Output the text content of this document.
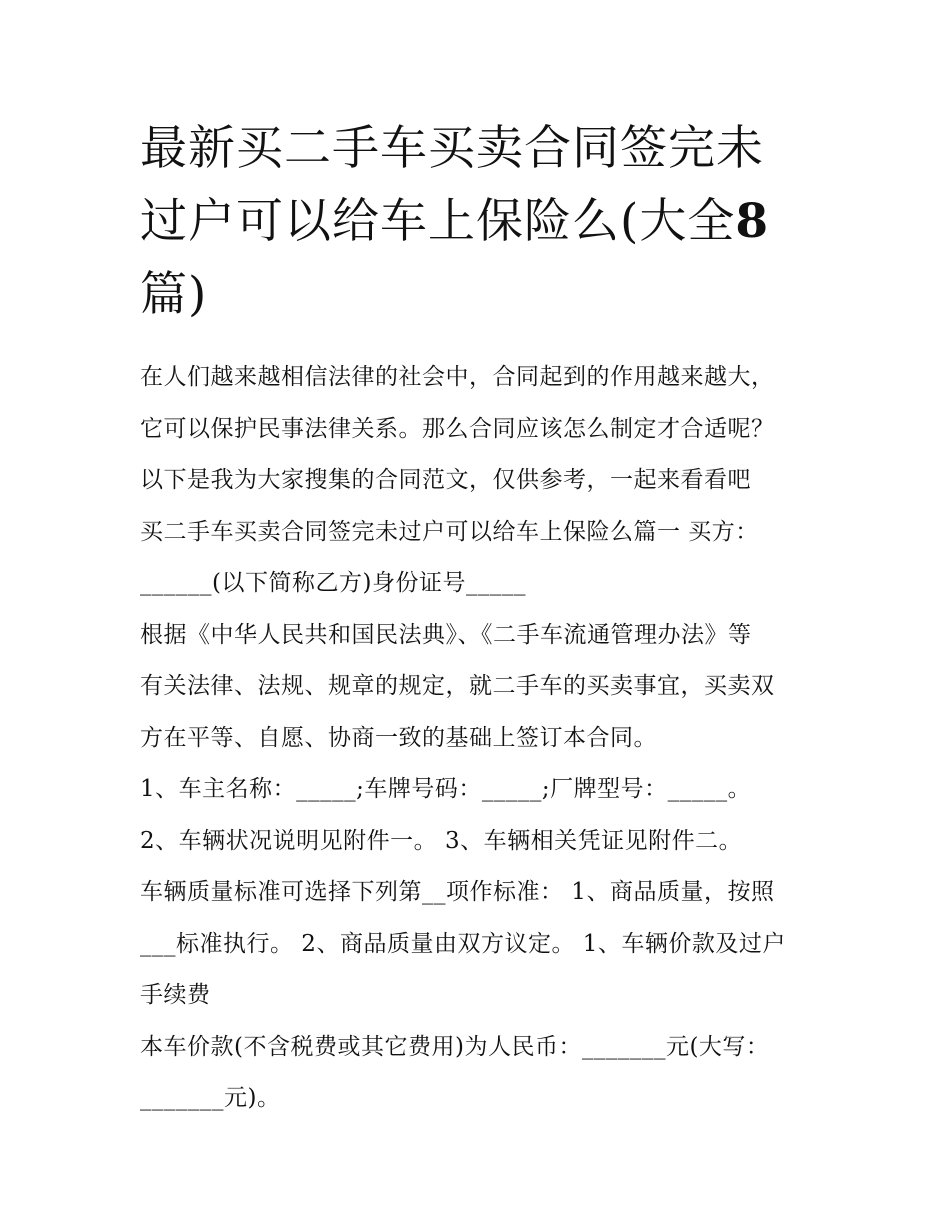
最新买二手车买卖合同签完未
过户可以给车上保险么(大全8
篇)
在人们越来越相信法律的社会中，合同起到的作用越来越大，
它可以保护民事法律关系。那么合同应该怎么制定才合适呢？
以下是我为大家搜集的合同范文，仅供参考，一起来看看吧
买二手车买卖合同签完未过户可以给车上保险么篇一 买方：
______(以下简称乙方)身份证号_____
根据《中华人民共和国民法典》、《二手车流通管理办法》等
有关法律、法规、规章的规定，就二手车的买卖事宜，买卖双
方在平等、自愿、协商一致的基础上签订本合同。
1、车主名称：_____;车牌号码：_____;厂牌型号：_____。
2、车辆状况说明见附件一。 3、车辆相关凭证见附件二。
车辆质量标准可选择下列第__项作标准： 1、商品质量，按照
___标准执行。 2、商品质量由双方议定。 1、车辆价款及过户
手续费
本车价款(不含税费或其它费用)为人民币：_______元(大写：
_______元)。
